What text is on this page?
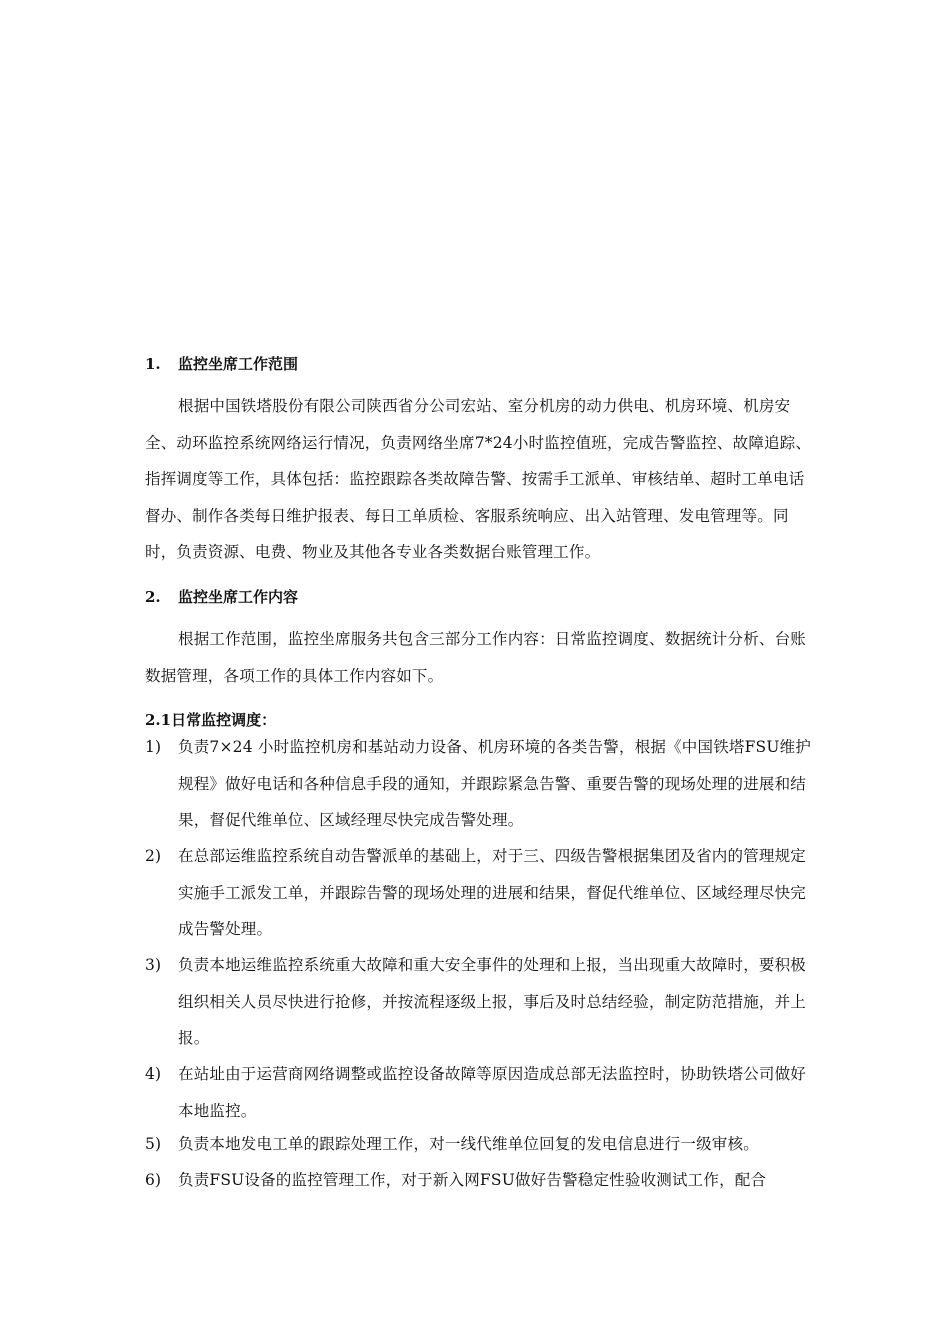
1. 监控坐席工作范围
根据中国铁塔股份有限公司陕西省分公司宏站、室分机房的动力供电、机房环境、机房安全、动环监控系统网络运行情况，负责网络坐席7*24小时监控值班，完成告警监控、故障追踪、指挥调度等工作，具体包括：监控跟踪各类故障告警、按需手工派单、审核结单、超时工单电话督办、制作各类每日维护报表、每日工单质检、客服系统响应、出入站管理、发电管理等。同时，负责资源、电费、物业及其他各专业各类数据台账管理工作。
2. 监控坐席工作内容
根据工作范围，监控坐席服务共包含三部分工作内容：日常监控调度、数据统计分析、台账数据管理，各项工作的具体工作内容如下。
2.1日常监控调度：
1)	负责7×24 小时监控机房和基站动力设备、机房环境的各类告警，根据《中国铁塔FSU维护规程》做好电话和各种信息手段的通知，并跟踪紧急告警、重要告警的现场处理的进展和结果，督促代维单位、区域经理尽快完成告警处理。
2)	在总部运维监控系统自动告警派单的基础上，对于三、四级告警根据集团及省内的管理规定实施手工派发工单，并跟踪告警的现场处理的进展和结果，督促代维单位、区域经理尽快完成告警处理。
3)	负责本地运维监控系统重大故障和重大安全事件的处理和上报，当出现重大故障时，要积极组织相关人员尽快进行抢修，并按流程逐级上报，事后及时总结经验，制定防范措施，并上报。
4)	在站址由于运营商网络调整或监控设备故障等原因造成总部无法监控时，协助铁塔公司做好本地监控。
5)	负责本地发电工单的跟踪处理工作，对一线代维单位回复的发电信息进行一级审核。
6)	负责FSU设备的监控管理工作，对于新入网FSU做好告警稳定性验收测试工作，配合
